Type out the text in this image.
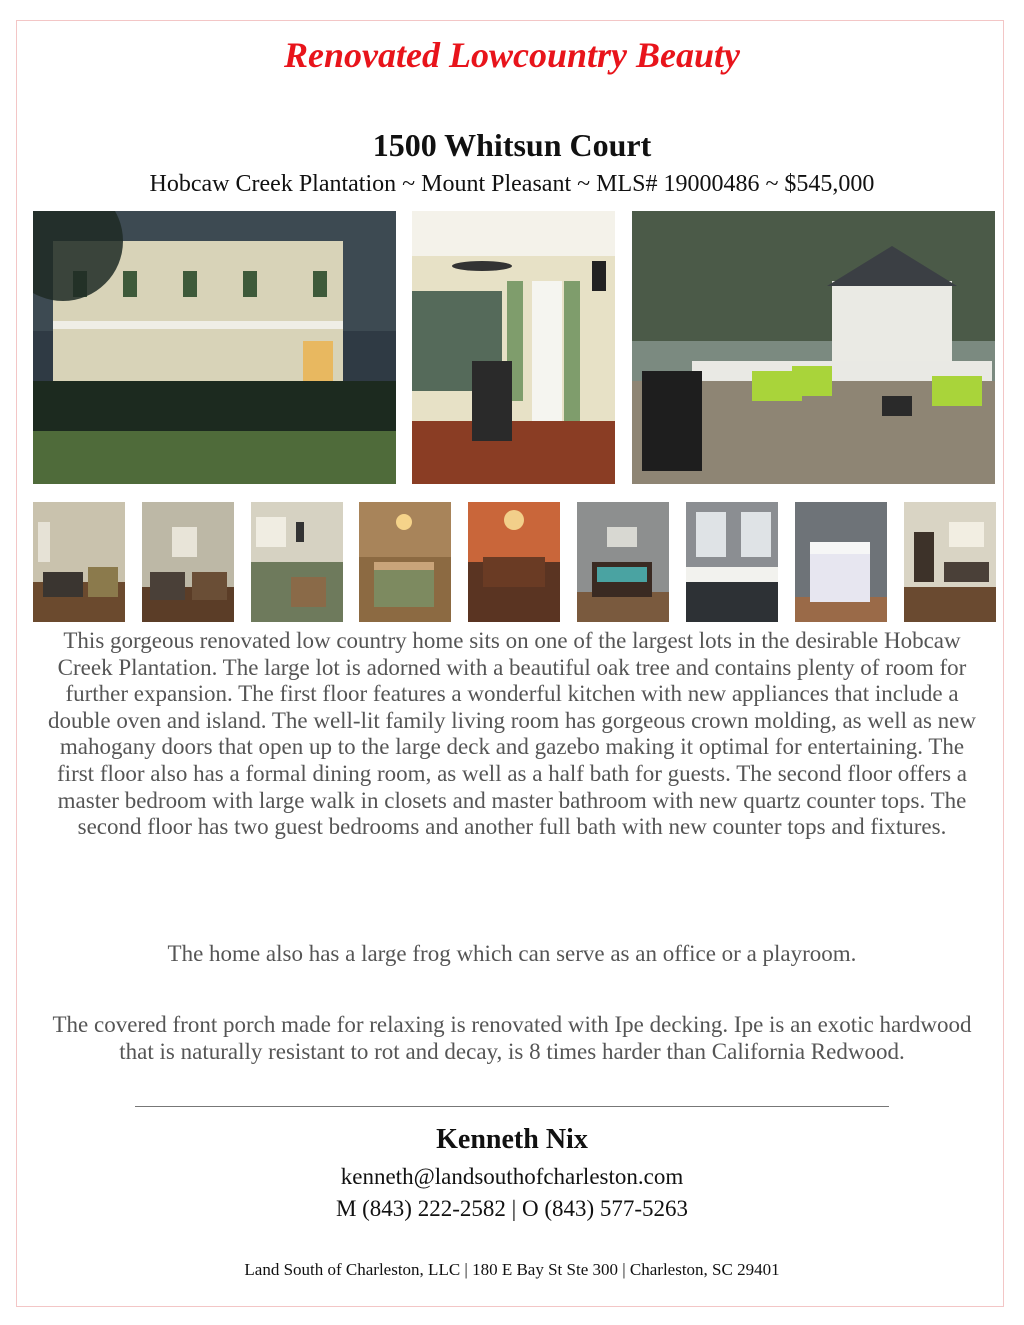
Renovated Lowcountry Beauty
1500 Whitsun Court
Hobcaw Creek Plantation ~ Mount Pleasant ~ MLS# 19000486 ~ $545,000

This gorgeous renovated low country home sits on one of the largest lots in the desirable Hobcaw Creek Plantation. The large lot is adorned with a beautiful oak tree and contains plenty of room for further expansion. The first floor features a wonderful kitchen with new appliances that include a double oven and island. The well-lit family living room has gorgeous crown molding, as well as new mahogany doors that open up to the large deck and gazebo making it optimal for entertaining. The first floor also has a formal dining room, as well as a half bath for guests. The second floor offers a master bedroom with large walk in closets and master bathroom with new quartz counter tops. The second floor has two guest bedrooms and another full bath with new counter tops and fixtures.

The home also has a large frog which can serve as an office or a playroom.

The covered front porch made for relaxing is renovated with Ipe decking. Ipe is an exotic hardwood that is naturally resistant to rot and decay, is 8 times harder than California Redwood.

Kenneth Nix
kenneth@landsouthofcharleston.com
M (843) 222-2582 | O (843) 577-5263
Land South of Charleston, LLC | 180 E Bay St Ste 300 | Charleston, SC 29401
